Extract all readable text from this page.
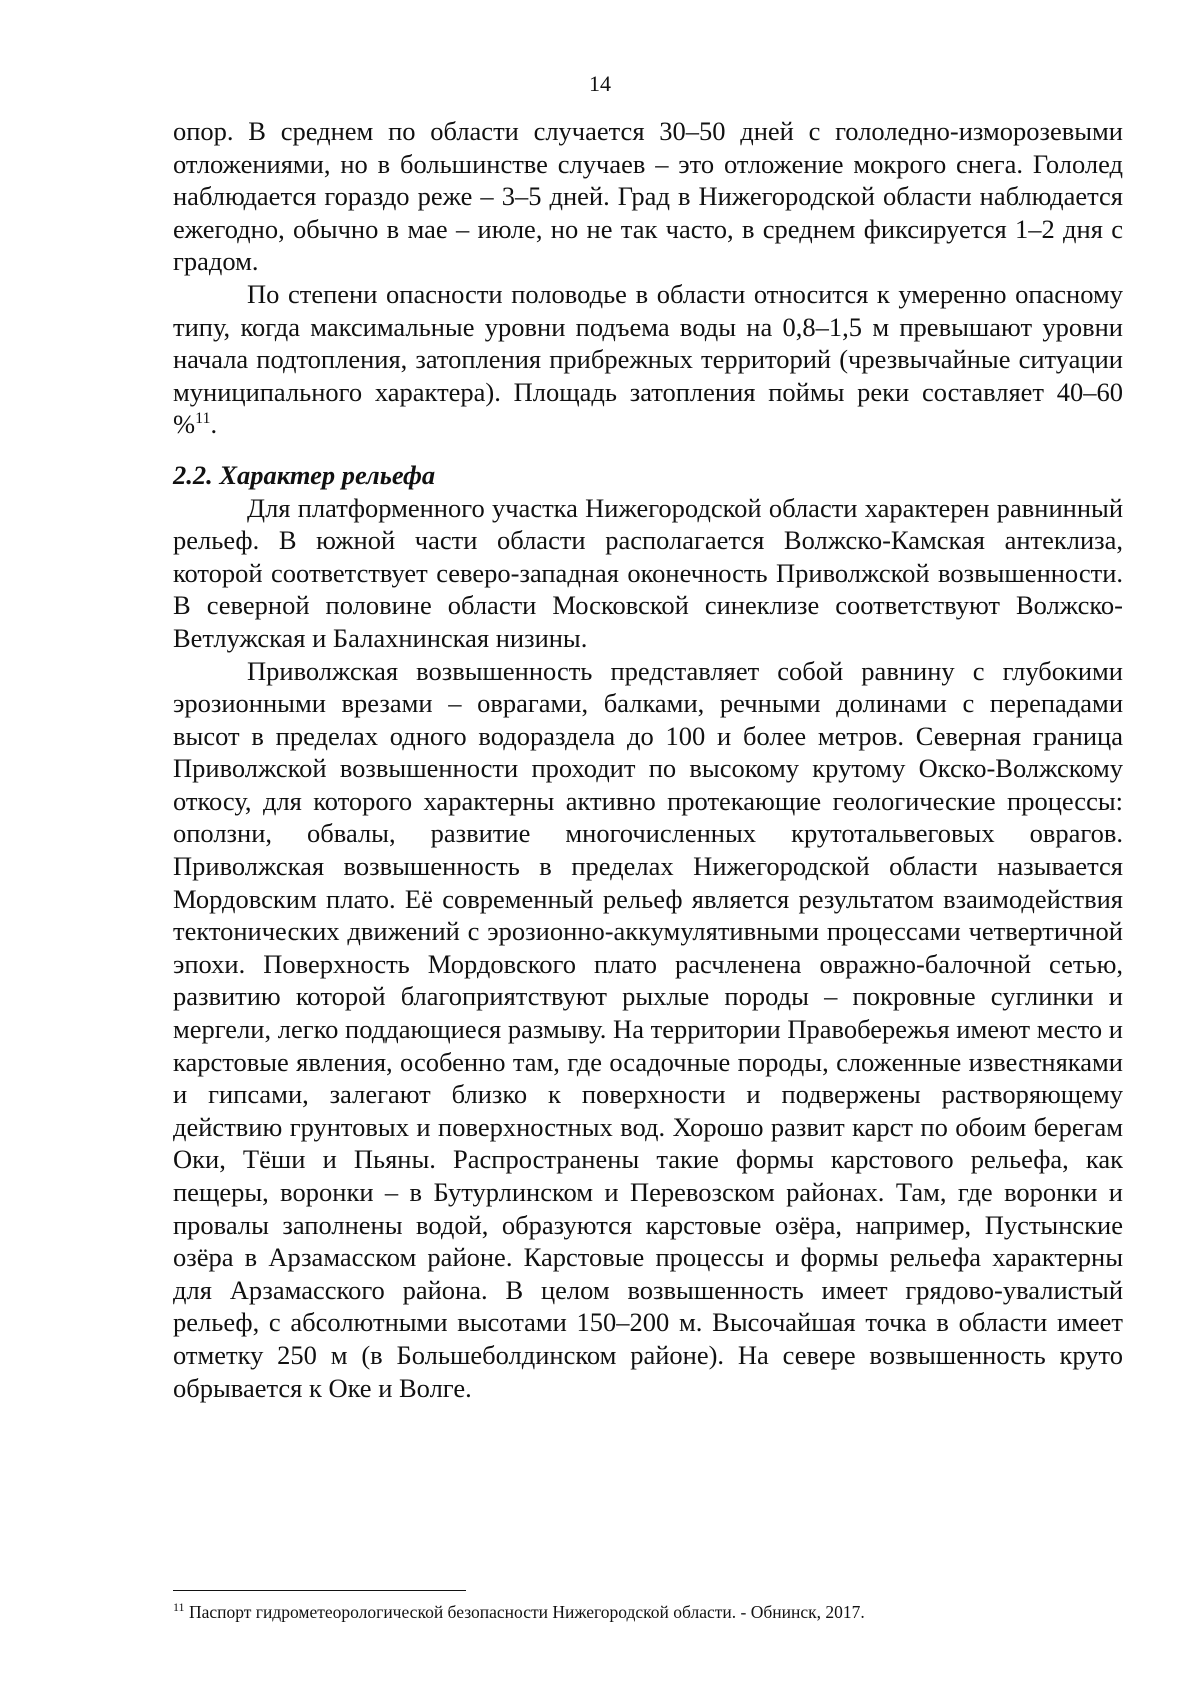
14

опор. В среднем по области случается 30–50 дней с гололедно-изморозевыми отложениями, но в большинстве случаев – это отложение мокрого снега. Гололед наблюдается гораздо реже – 3–5 дней. Град в Нижегородской области наблюдается ежегодно, обычно в мае – июле, но не так часто, в среднем фиксируется 1–2 дня с градом.

По степени опасности половодье в области относится к умеренно опасному типу, когда максимальные уровни подъема воды на 0,8–1,5 м превышают уровни начала подтопления, затопления прибрежных территорий (чрезвычайные ситуации муниципального характера). Площадь затопления поймы реки составляет 40–60 %$^{11}$.

2.2. Характер рельефа

Для платформенного участка Нижегородской области характерен равнинный рельеф. В южной части области располагается Волжско-Камская антеклиза, которой соответствует северо-западная оконечность Приволжской возвышенности. В северной половине области Московской синеклизе соответствуют Волжско-Ветлужская и Балахнинская низины.

Приволжская возвышенность представляет собой равнину с глубокими эрозионными врезами – оврагами, балками, речными долинами с перепадами высот в пределах одного водораздела до 100 и более метров. Северная граница Приволжской возвышенности проходит по высокому крутому Окско-Волжскому откосу, для которого характерны активно протекающие геологические процессы: оползни, обвалы, развитие многочисленных крутотальвеговых оврагов. Приволжская возвышенность в пределах Нижегородской области называется Мордовским плато. Её современный рельеф является результатом взаимодействия тектонических движений с эрозионно-аккумулятивными процессами четвертичной эпохи. Поверхность Мордовского плато расчленена овражно-балочной сетью, развитию которой благоприятствуют рыхлые породы – покровные суглинки и мергели, легко поддающиеся размыву. На территории Правобережья имеют место и карстовые явления, особенно там, где осадочные породы, сложенные известняками и гипсами, залегают близко к поверхности и подвержены растворяющему действию грунтовых и поверхностных вод. Хорошо развит карст по обоим берегам Оки, Тёши и Пьяны. Распространены такие формы карстового рельефа, как пещеры, воронки – в Бутурлинском и Перевозском районах. Там, где воронки и провалы заполнены водой, образуются карстовые озёра, например, Пустынские озёра в Арзамасском районе. Карстовые процессы и формы рельефа характерны для Арзамасского района. В целом возвышенность имеет грядово-увалистый рельеф, с абсолютными высотами 150–200 м. Высочайшая точка в области имеет отметку 250 м (в Большеболдинском районе). На севере возвышенность круто обрывается к Оке и Волге.

$^{11}$ Паспорт гидрометеорологической безопасности Нижегородской области. - Обнинск, 2017.
